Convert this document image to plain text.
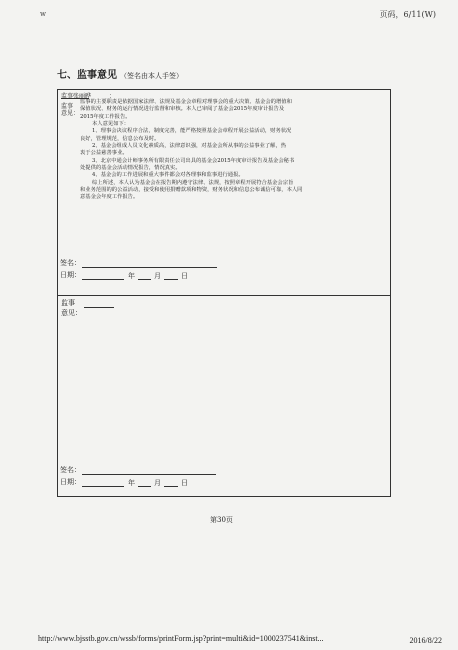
w	页码，6/11(W)
七、监事意见 （签名由本人手签）
监事张丽晔	：
监事
意见：

监事的主要职责是依据国家法律、法规及基金会章程对理事会的重大决策、基金会的增值和

保值状况、财务的运行情况进行监督和审核。本人已审阅了基金会2015年度审计报告及

2015年度工作报告。

本人意见如下：

1、理事会决议程序合法，制度完善，能严格按照基金会章程开展公益活动，财务状况

良好，管理规范，信息公布及时。

2、基金会组成人员文化素质高，法律意识强，对基金会所从事的公益事业了解，热

衷于公益慈善事业。

3、北京中通会计师事务所有限责任公司出具的基金会2015年度审计报告及基金会秘书

处提供的基金会活动情况报告，情况真实。

4、基金会的工作进展和重大事件都会对各理事和监事进行通报。

综上所述，本人认为基金会在报告期内遵守法律、法规，按照章程开展符合基金会宗旨

和业务范围的的公益活动，接受和使用捐赠款项和物资，财务状况和信息公布诚信可靠，本人同

意基金会年度工作报告。

签名：
日期：	年	月	日
监事
意见：
签名：
日期：	年	月	日
第30页
http://www.bjsstb.gov.cn/wssb/forms/printForm.jsp?print=multi&id=1000237541&inst...	2016/8/22
